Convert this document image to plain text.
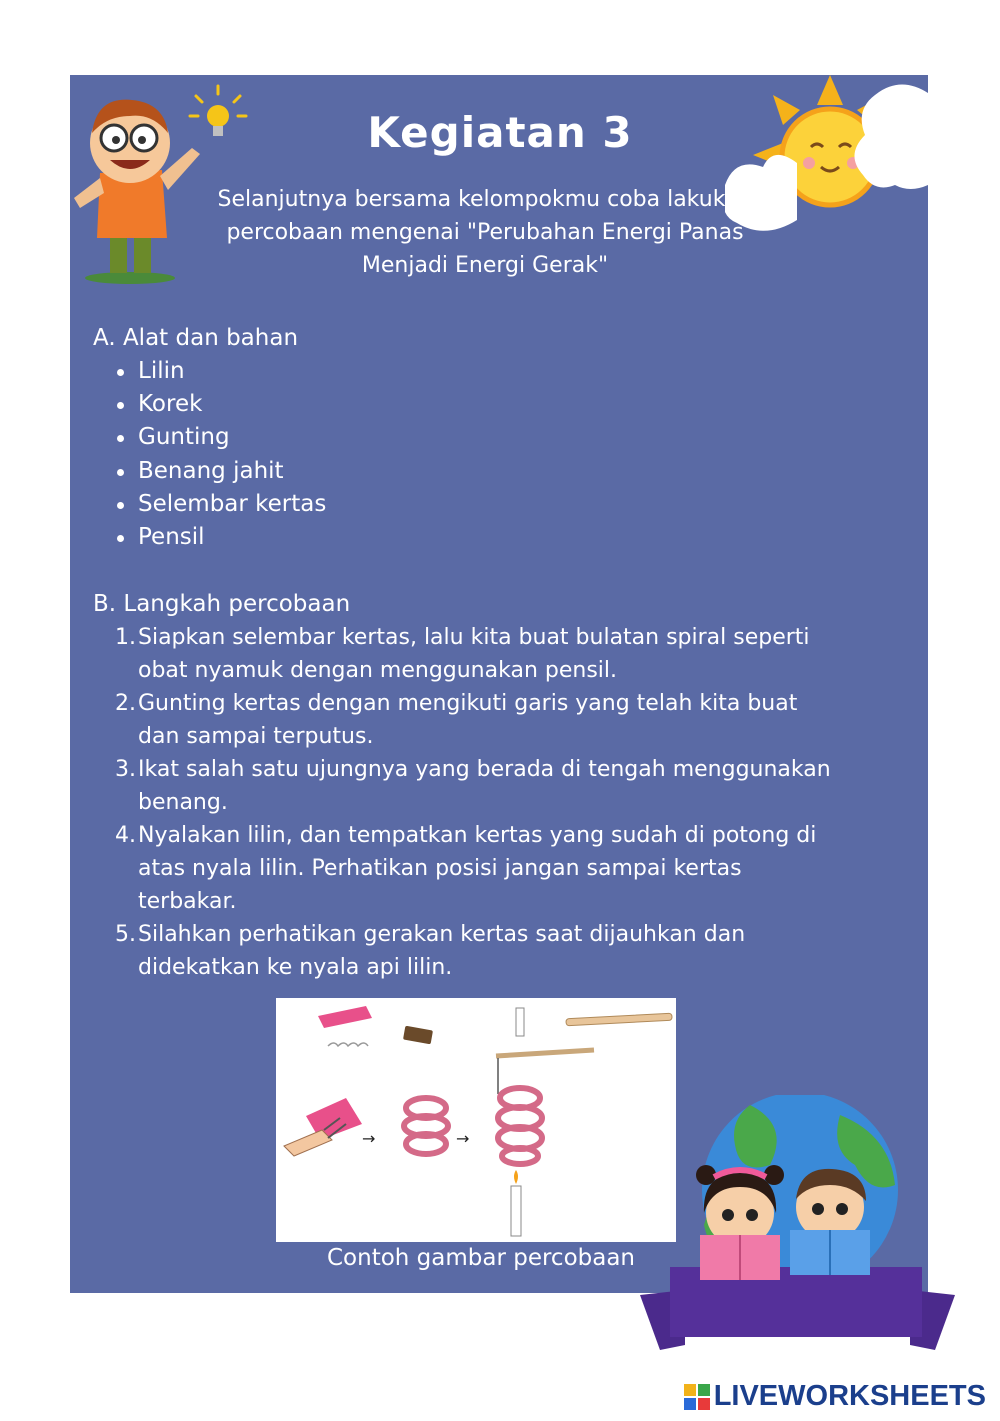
Kegiatan 3
Selanjutnya bersama kelompokmu coba lakukan percobaan mengenai "Perubahan Energi Panas Menjadi Energi Gerak"
A. Alat dan bahan
Lilin
Korek
Gunting
Benang jahit
Selembar kertas
Pensil
B. Langkah percobaan
1. Siapkan selembar kertas, lalu kita buat bulatan spiral seperti obat nyamuk dengan menggunakan pensil.
2. Gunting kertas dengan mengikuti garis yang telah kita buat dan sampai terputus.
3. Ikat salah satu ujungnya yang berada di tengah menggunakan benang.
4. Nyalakan lilin, dan tempatkan kertas yang sudah di potong di atas nyala lilin. Perhatikan posisi jangan sampai kertas terbakar.
5. Silahkan perhatikan gerakan kertas saat dijauhkan dan didekatkan ke nyala api lilin.
→	→
Contoh gambar percobaan
LIVEWORKSHEETS
